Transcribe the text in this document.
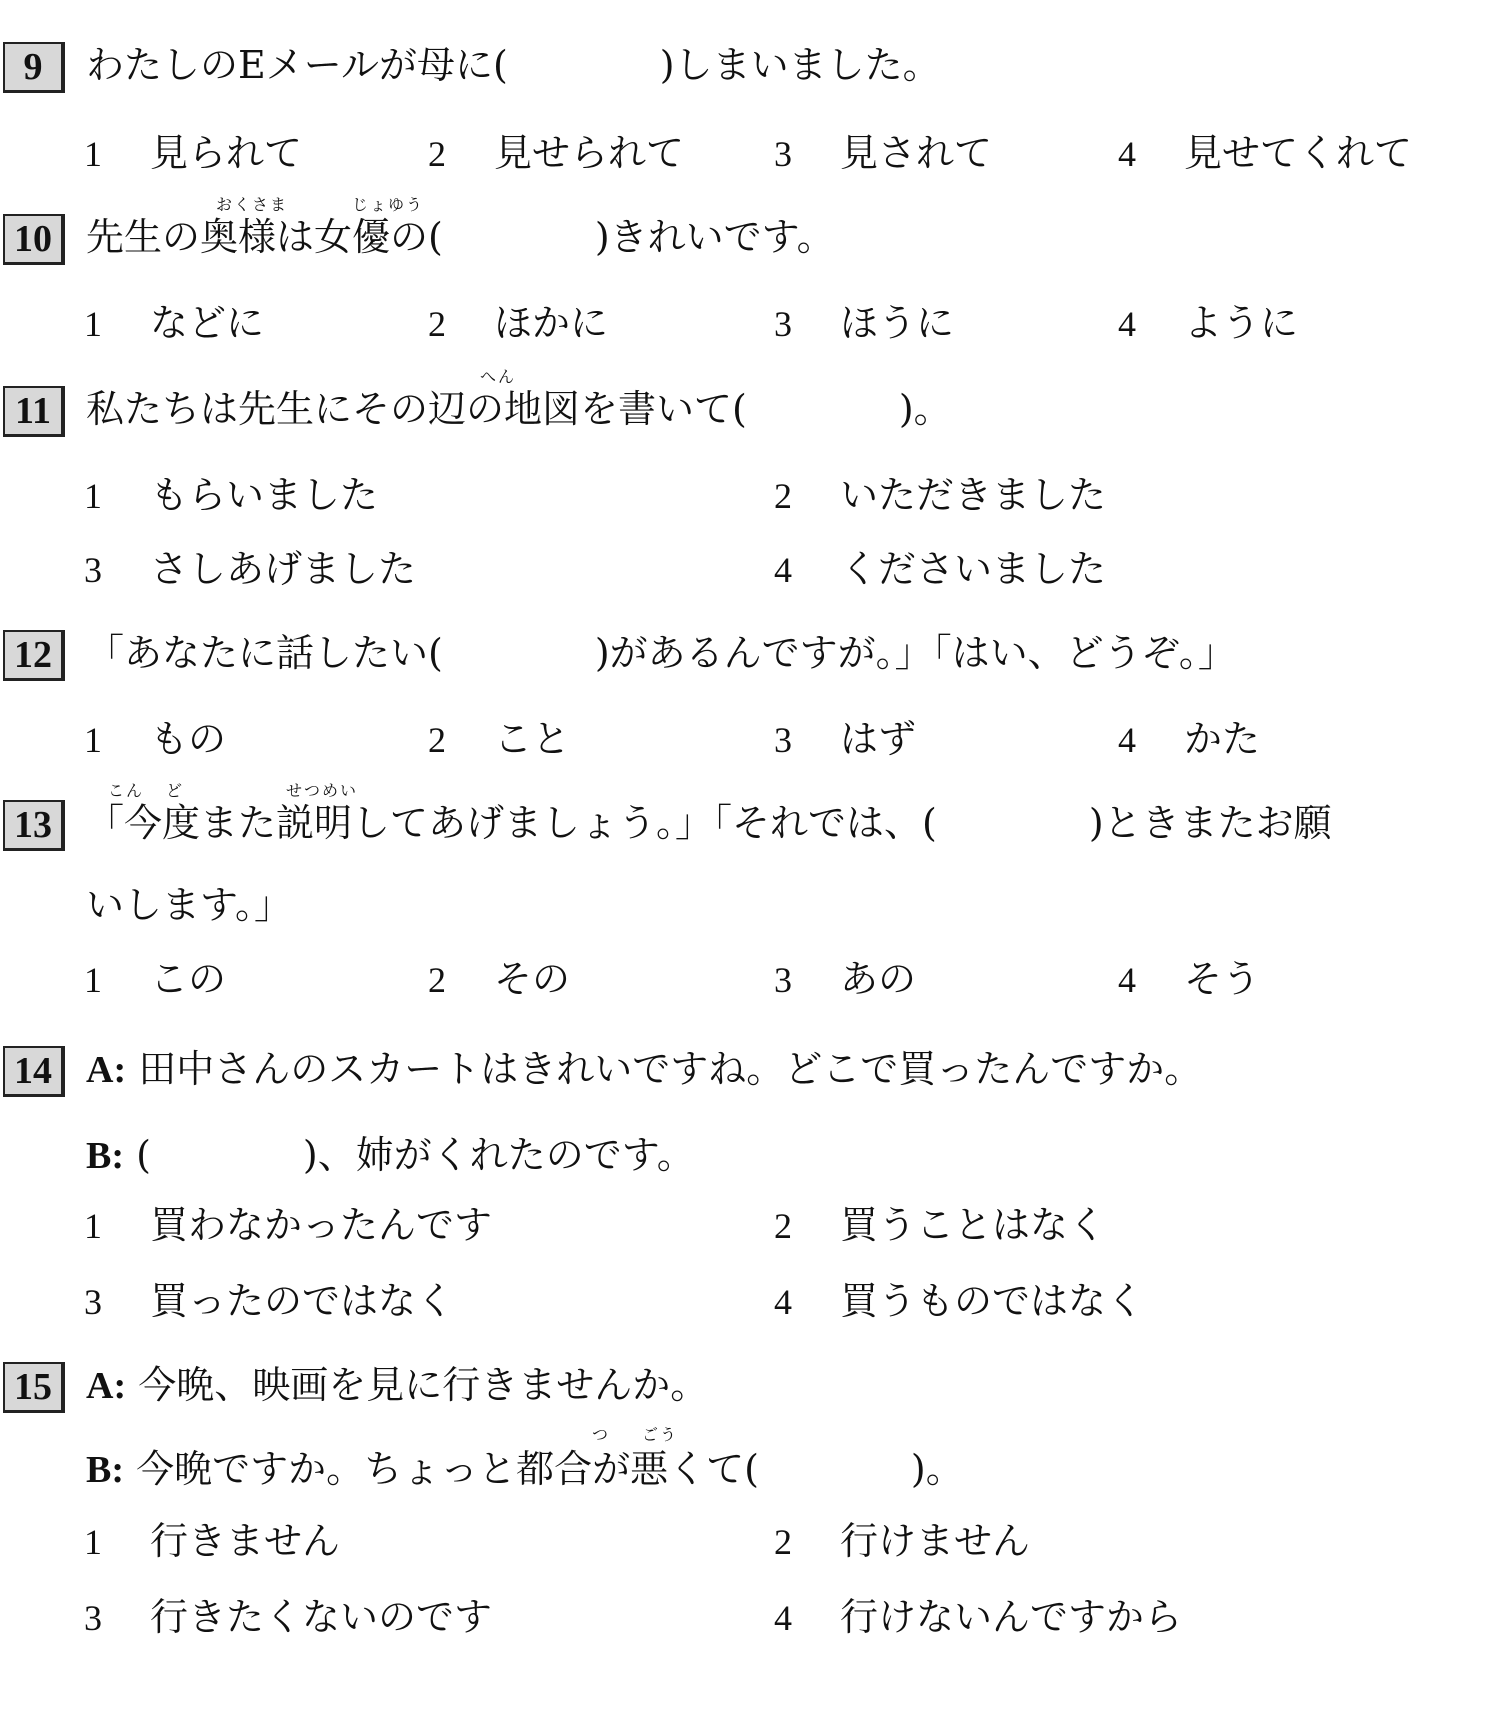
9	わたしのEメールが母に(　　　　)しまいました。
1 見られて	2 見せられて 3 見されて	4 見せてくれて
おくさま	じょゆう
10 先生の奥様は女優の(　　　　)きれいです。
1 などに	2 ほかに	3 ほうに	4 ように
へん
11 私たちは先生にその辺の地図を書いて(　　　　)。
1 もらいました	2 いただきました
3 さしあげました	4 くださいました
12 「あなたに話したい(　　　　)があるんですが。」「はい、どうぞ。」
1 もの	2 こと	3 はず	4 かた
こん ど	せつめい
13 「今度また説明してあげましょう。」「それでは、(　　　　)ときまたお願
いします。」
1 この	2 その	3 あの	4 そう
14 A: 田中さんのスカートはきれいですね。どこで買ったんですか。
B: (　　　　)、姉がくれたのです。
1 買わなかったんです	2 買うことはなく
3 買ったのではなく	4 買うものではなく
15 A: 今晩、映画を見に行きませんか。
つ ごう
B: 今晩ですか。ちょっと都合が悪くて(　　　　)。
1 行きません	2 行けません
3 行きたくないのです	4 行けないんですから
